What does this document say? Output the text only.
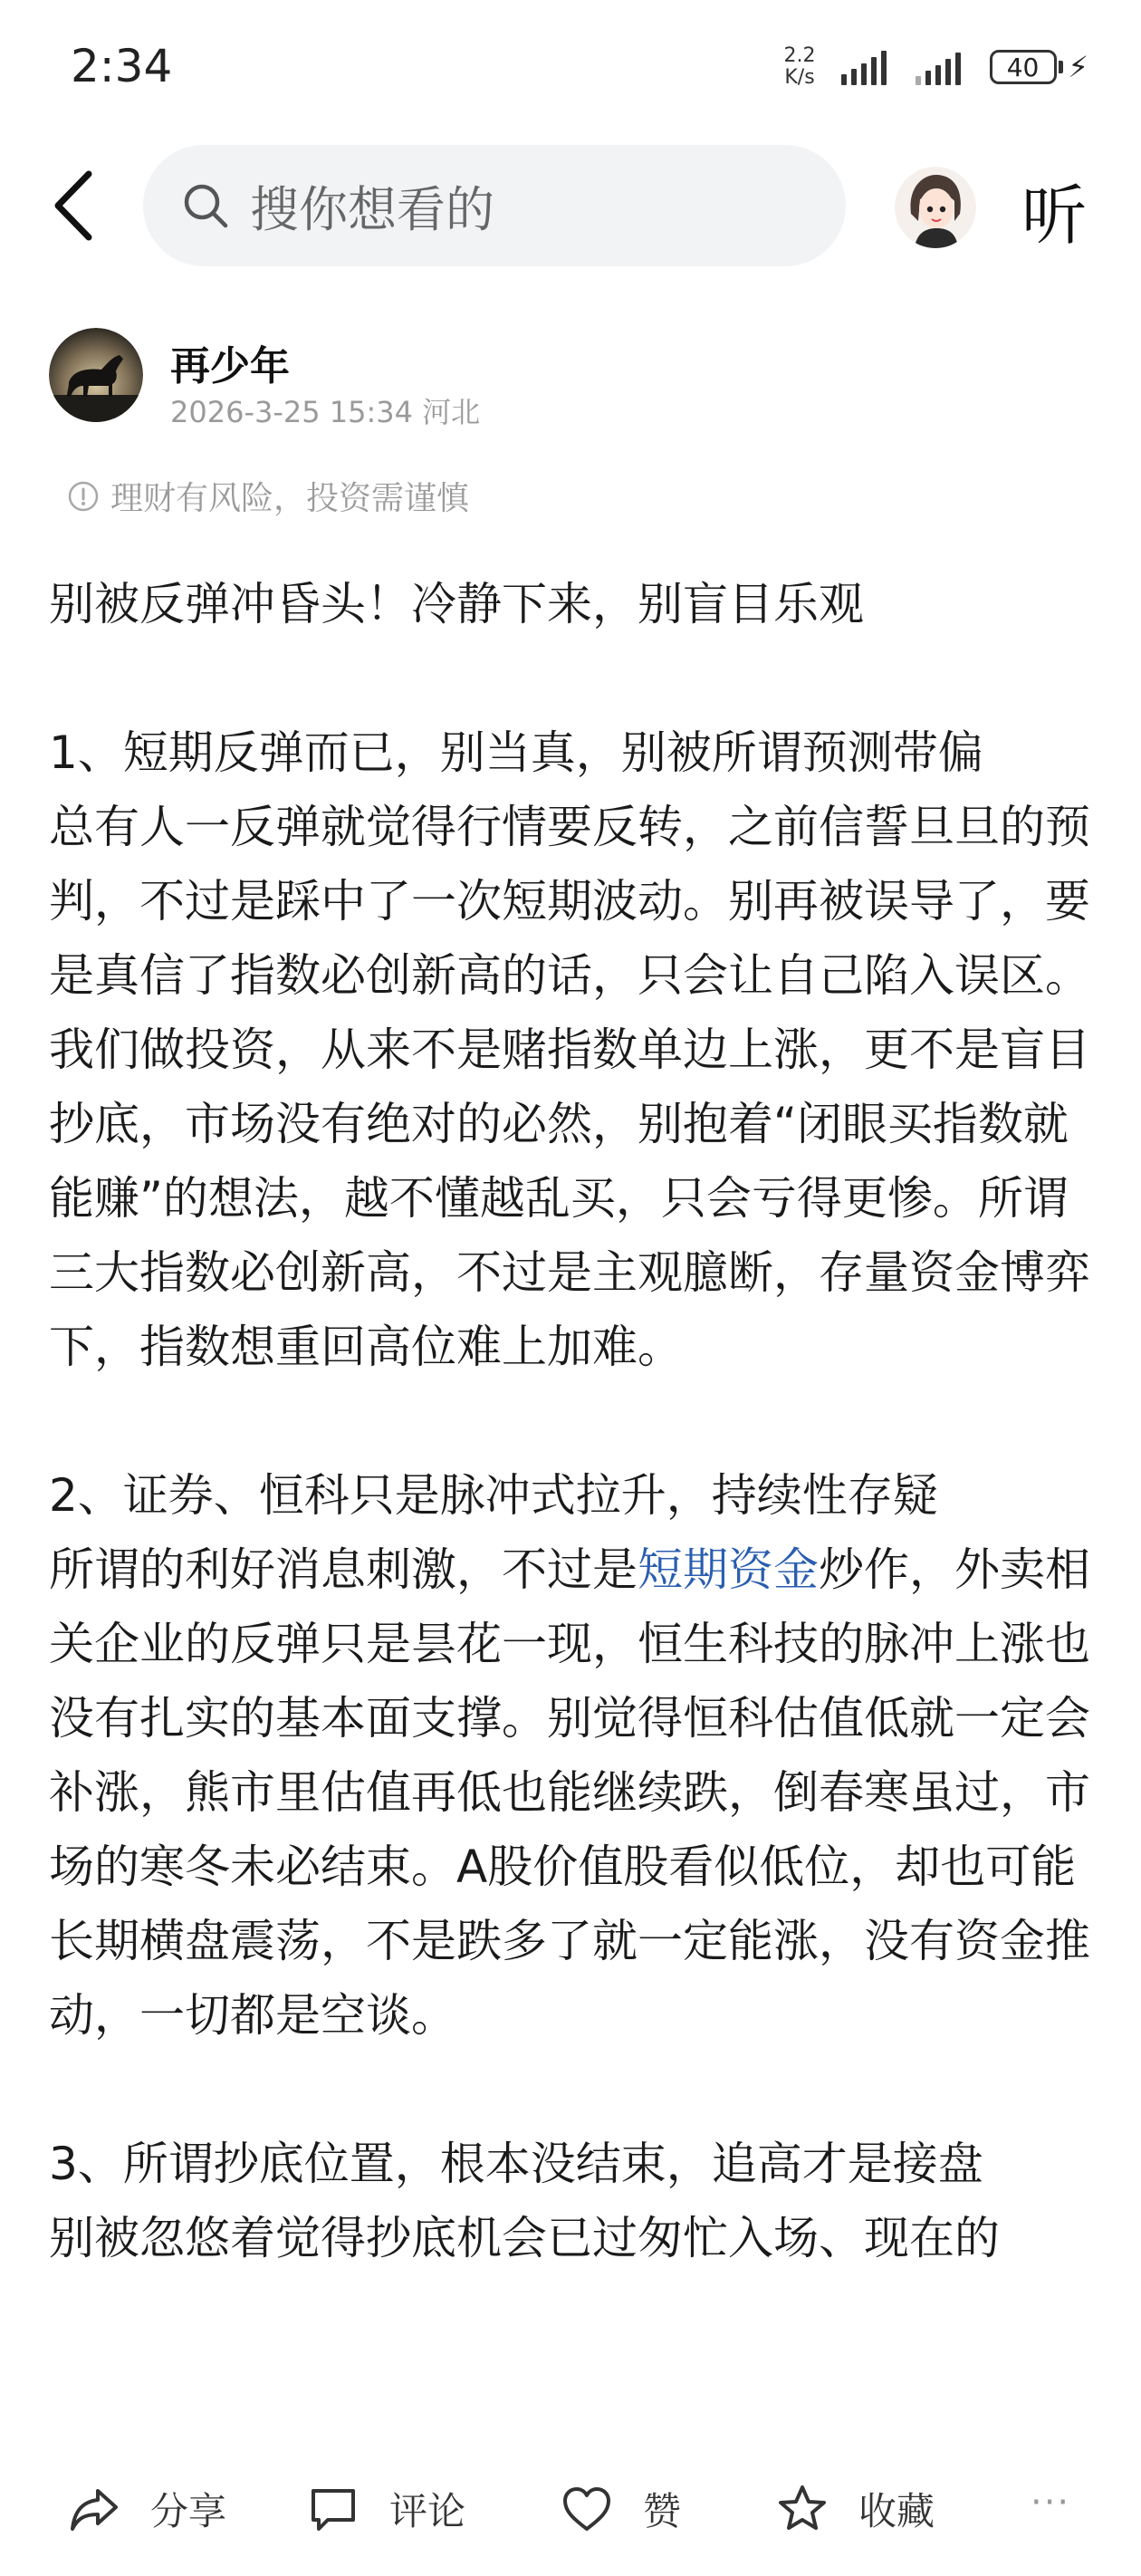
2:34	2.2
K/s	40	⚡
搜你想看的	听
再少年
2026-3-25 15:34 河北
理财有风险，投资需谨慎

别被反弹冲昏头！冷静下来，别盲目乐观

1、短期反弹而已，别当真，别被所谓预测带偏

总有人一反弹就觉得行情要反转，之前信誓旦旦的预判，不过是踩中了一次短期波动。别再被误导了，要是真信了指数必创新高的话，只会让自己陷入误区。我们做投资，从来不是赌指数单边上涨，更不是盲目抄底，市场没有绝对的必然，别抱着“闭眼买指数就能赚”的想法，越不懂越乱买，只会亏得更惨。所谓三大指数必创新高，不过是主观臆断，存量资金博弈下，指数想重回高位难上加难。

2、证券、恒科只是脉冲式拉升，持续性存疑

所谓的利好消息刺激，不过是短期资金炒作，外卖相关企业的反弹只是昙花一现，恒生科技的脉冲上涨也没有扎实的基本面支撑。别觉得恒科估值低就一定会补涨，熊市里估值再低也能继续跌，倒春寒虽过，市场的寒冬未必结束。A股价值股看似低位，却也可能长期横盘震荡，不是跌多了就一定能涨，没有资金推动，一切都是空谈。

3、所谓抄底位置，根本没结束，追高才是接盘

别被忽悠着觉得抄底机会已过匆忙入场、现在的

分享	评论	赞	收藏	···
